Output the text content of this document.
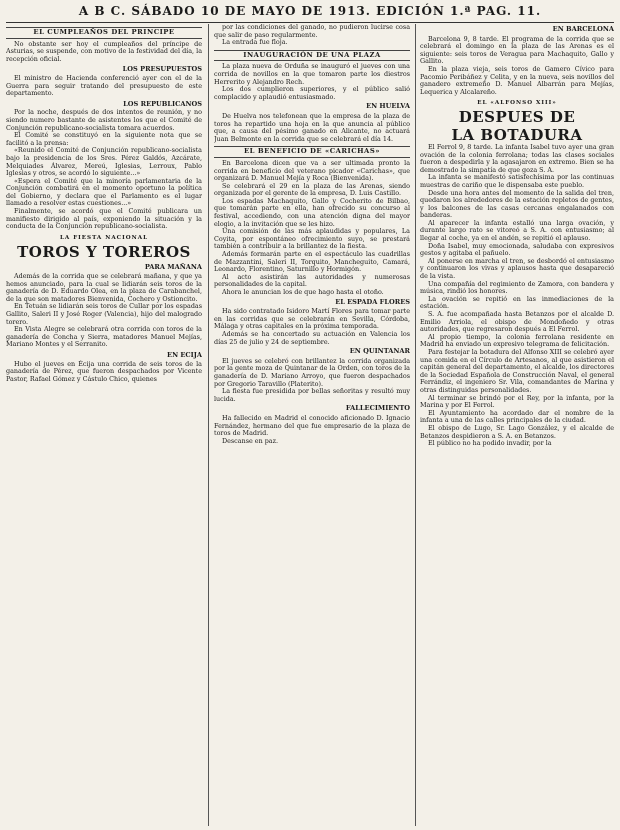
A B C. SÁBADO 10 DE MAYO DE 1913. EDICIÓN 1.ª PAG. 11.
EL CUMPLEAÑOS DEL PRINCIPE

No obstante ser hoy el cumpleaños del príncipe de Asturias, se suspende, con motivo de la festividad del día, la recepción oficial.

LOS PRESUPUESTOS

El ministro de Hacienda conferenció ayer con el de la Guerra para seguir tratando del presupuesto de este departamento.

LOS REPUBLICANOS

Por la noche, después de dos intentos de reunión, y no siendo numero bastante de asistentes los que el Comité de Conjunción republicano-socialista tomara acuerdos.

El Comité se constituyó en la siguiente nota que se facilitó a la prensa:

«Reunido el Comité de Conjunción republicano-socialista bajo la presidencia de los Sres. Pérez Galdós, Azcárate, Melquiades Álvarez, Mereú, Iglesias, Lerroux, Pablo Iglesias y otros, se acordó lo siguiente...»

«Espera el Comité que la minoría parlamentaria de la Conjunción combatirá en el momento oportuno la política del Gobierno, y declara que el Parlamento es el lugar llamado a resolver estas cuestiones...»

Finalmente, se acordó que el Comité publicara un manifiesto dirigido al país, exponiendo la situación y la conducta de la Conjunción republicano-socialista.

LA FIESTA NACIONAL
TOROS Y TOREROS
PARA MAÑANA

Además de la corrida que se celebrará mañana, y que ya hemos anunciado, para la cual se lidiarán seis toros de la ganadería de D. Eduardo Olea, en la plaza de Carabanchel, de la que son matadores Bienvenida, Cochero y Ostioncito.

En Tetuán se lidiarán seis toros de Cullar por los espadas Gallito, Saleri II y José Roger (Valencia), hijo del malogrado torero.

En Vista Alegre se celebrará otra corrida con toros de la ganadería de Concha y Sierra, matadores Manuel Mejías, Mariano Montes y el Serranito.

EN ECIJA

Hubo el jueves en Écija una corrida de seis toros de la ganadería de Pérez, que fueron despachados por Vicente Pastor, Rafael Gómez y Cástulo Chico, quienes

por las condiciones del ganado, no pudieron lucirse cosa que salir de paso regularmente.

La entrada fue floja.

INAUGURACIÓN DE UNA PLAZA

La plaza nueva de Orduña se inauguró el jueves con una corrida de novillos en la que tomaron parte los diestros Herrerito y Alejandro Rech.

Los dos cumplieron superiores, y el público salió complacido y aplaudió entusiasmado.

EN HUELVA

De Huelva nos telefonean que la empresa de la plaza de toros ha repartido una hoja en la que anuncia al público que, a causa del pésimo ganado en Alicante, no actuará Juan Belmonte en la corrida que se celebrará el día 14.

EL BENEFICIO DE «CARICHAS»

En Barcelona dicen que va a ser ultimada pronto la corrida en beneficio del veterano picador «Carichas», que organizará D. Manuel Mejía y Roca (Bienvenida).

Se celebrará el 29 en la plaza de las Arenas, siendo organizada por el gerente de la empresa, D. Luis Castillo.

Los espadas Machaquito, Gallo y Cocherito de Bilbao, que tomarán parte en ella, han ofrecido su concurso al festival, accediendo, con una atención digna del mayor elogio, a la invitación que se les hizo.

Una comisión de las más aplaudidas y populares, La Coyita, por espontáneo ofrecimiento suyo, se prestará también a contribuir a la brillantez de la fiesta.

Además formarán parte en el espectáculo las cuadrillas de Mazzantini, Saleri II, Torquito, Mancheguito, Camará, Leonardo, Florentino, Saturnillo y Hormigón.

Al acto asistirán las autoridades y numerosas personalidades de la capital.

Ahora le anuncian los de que hago hasta el otoño.

EL ESPADA FLORES

Ha sido contratado Isidoro Martí Flores para tomar parte en las corridas que se celebrarán en Sevilla, Córdoba, Málaga y otras capitales en la próxima temporada.

Además se ha concertado su actuación en Valencia los días 25 de julio y 24 de septiembre.

EN QUINTANAR

El jueves se celebró con brillantez la corrida organizada por la gente moza de Quintanar de la Orden, con toros de la ganadería de D. Mariano Arroyo, que fueron despachados por Gregorio Taravillo (Platerito).

La fiesta fue presidida por bellas señoritas y resultó muy lucida.

FALLECIMIENTO

Ha fallecido en Madrid el conocido aficionado D. Ignacio Fernández, hermano del que fue empresario de la plaza de toros de Madrid.

Descanse en paz.

EN BARCELONA

Barcelona 9, 8 tarde. El programa de la corrida que se celebrará el domingo en la plaza de las Arenas es el siguiente: seis toros de Veragua para Machaquito, Gallo y Gallito.

En la plaza vieja, seis toros de Gamero Cívico para Pacomio Peribáñez y Celita, y en la nueva, seis novillos del ganadero extremeño D. Manuel Albarrán para Mejías, Lequerica y Alcalareño.

EL «ALFONSO XIII»
DESPUES DE
LA BOTADURA

El Ferrol 9, 8 tarde. La infanta Isabel tuvo ayer una gran ovación de la colonia ferrolana; todas las clases sociales fueron a despedirla y la agasajaron en extremo. Bien se ha demostrado la simpatía de que goza S. A.

La infanta se manifestó satisfechísima por las continuas muestras de cariño que le dispensaba este pueblo.

Desde una hora antes del momento de la salida del tren, quedaron los alrededores de la estación repletos de gentes, y los balcones de las casas cercanas engalanados con banderas.

Al aparecer la infanta estalló una larga ovación, y durante largo rato se vitoreó a S. A. con entusiasmo; al llegar al coche, ya en el andén, se repitió el aplauso.

Doña Isabel, muy emocionada, saludaba con expresivos gestos y agitaba el pañuelo.

Al ponerse en marcha el tren, se desbordó el entusiasmo y continuaron los vivas y aplausos hasta que desapareció de la vista.

Una compañía del regimiento de Zamora, con bandera y música, rindió los honores.

La ovación se repitió en las inmediaciones de la estación.

S. A. fue acompañada hasta Betanzos por el alcalde D. Emilio Arriola, el obispo de Mondoñedo y otras autoridades, que regresaron después a El Ferrol.

Al propio tiempo, la colonia ferrolana residente en Madrid ha enviado un expresivo telegrama de felicitación.

Para festejar la botadura del Alfonso XIII se celebró ayer una comida en el Círculo de Artesanos, al que asistieron el capitán general del departamento, el alcalde, los directores de la Sociedad Española de Construcción Naval, el general Ferrándiz, el ingeniero Sr. Vila, comandantes de Marina y otras distinguidas personalidades.

Al terminar se brindó por el Rey, por la infanta, por la Marina y por El Ferrol.

El Ayuntamiento ha acordado dar el nombre de la infanta a una de las calles principales de la ciudad.

El obispo de Lugo, Sr. Lago González, y el alcalde de Betanzos despidieron a S. A. en Betanzos.

El público no ha podido invadir, por la
